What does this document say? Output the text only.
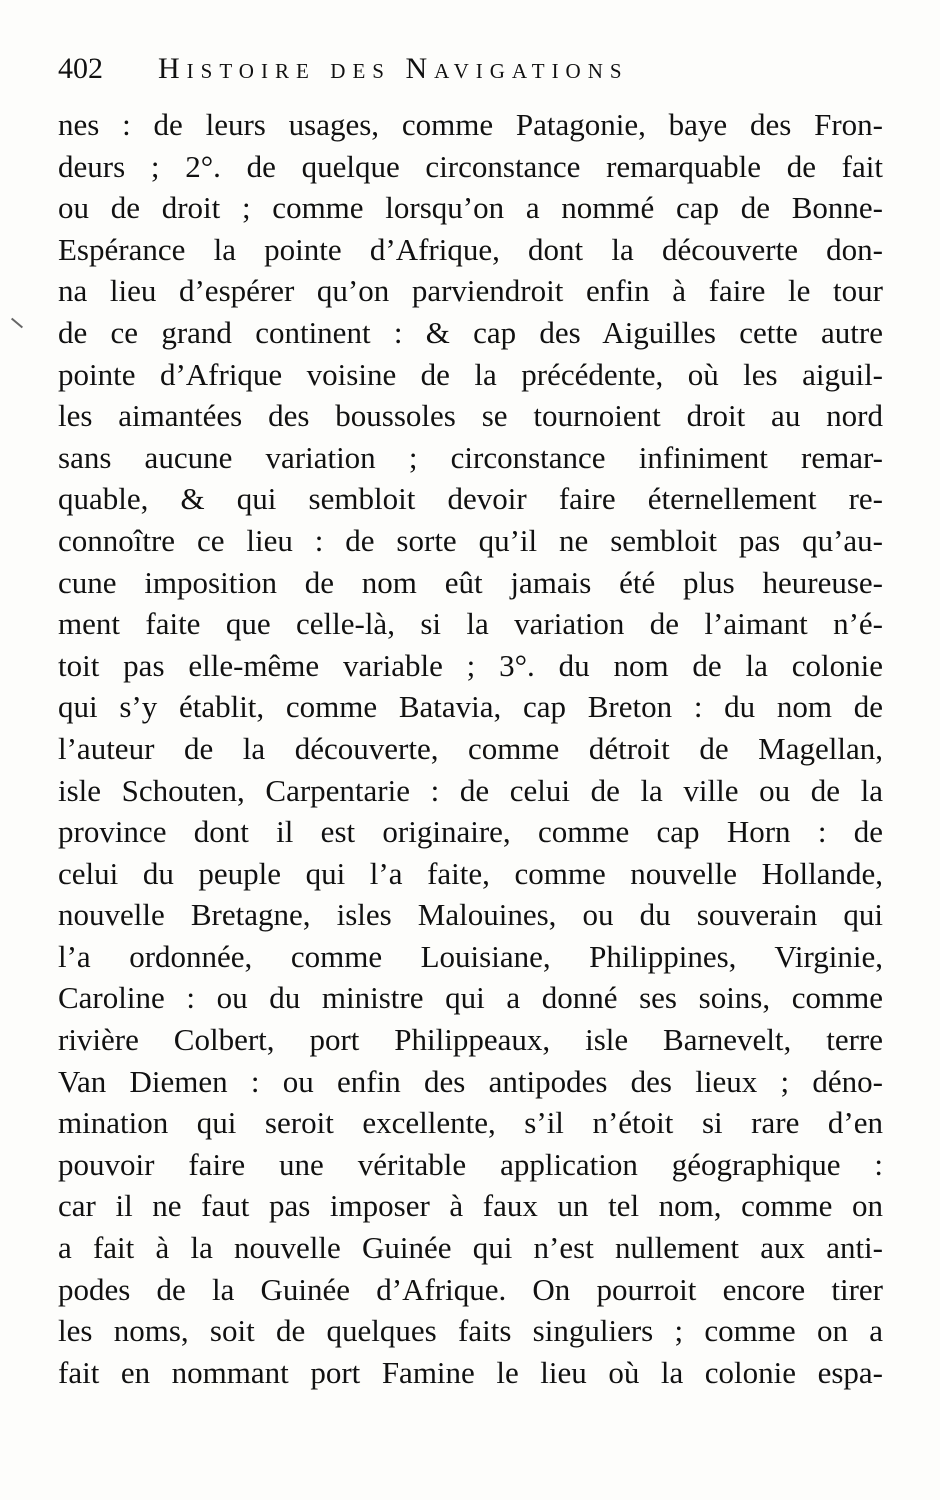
402	Histoire des Navigations
nes : de leurs usages, comme Patagonie, baye des Fron-
deurs ; 2°. de quelque circonstance remarquable de fait
ou de droit ; comme lorsqu’on a nommé cap de Bonne-
Espérance la pointe d’Afrique, dont la découverte don-
na lieu d’espérer qu’on parviendroit enfin à faire le tour
de ce grand continent : & cap des Aiguilles cette autre
pointe d’Afrique voisine de la précédente, où les aiguil-
les aimantées des boussoles se tournoient droit au nord
sans aucune variation ; circonstance infiniment remar-
quable, & qui sembloit devoir faire éternellement re-
connoître ce lieu : de sorte qu’il ne sembloit pas qu’au-
cune imposition de nom eût jamais été plus heureuse-
ment faite que celle-là, si la variation de l’aimant n’é-
toit pas elle-même variable ; 3°. du nom de la colonie
qui s’y établit, comme Batavia, cap Breton : du nom de
l’auteur de la découverte, comme détroit de Magellan,
isle Schouten, Carpentarie : de celui de la ville ou de la
province dont il est originaire, comme cap Horn : de
celui du peuple qui l’a faite, comme nouvelle Hollande,
nouvelle Bretagne, isles Malouines, ou du souverain qui
l’a ordonnée, comme Louisiane, Philippines, Virginie,
Caroline : ou du ministre qui a donné ses soins, comme
rivière Colbert, port Philippeaux, isle Barnevelt, terre
Van Diemen : ou enfin des antipodes des lieux ; déno-
mination qui seroit excellente, s’il n’étoit si rare d’en
pouvoir faire une véritable application géographique :
car il ne faut pas imposer à faux un tel nom, comme on
a fait à la nouvelle Guinée qui n’est nullement aux anti-
podes de la Guinée d’Afrique. On pourroit encore tirer
les noms, soit de quelques faits singuliers ; comme on a
fait en nommant port Famine le lieu où la colonie espa-
